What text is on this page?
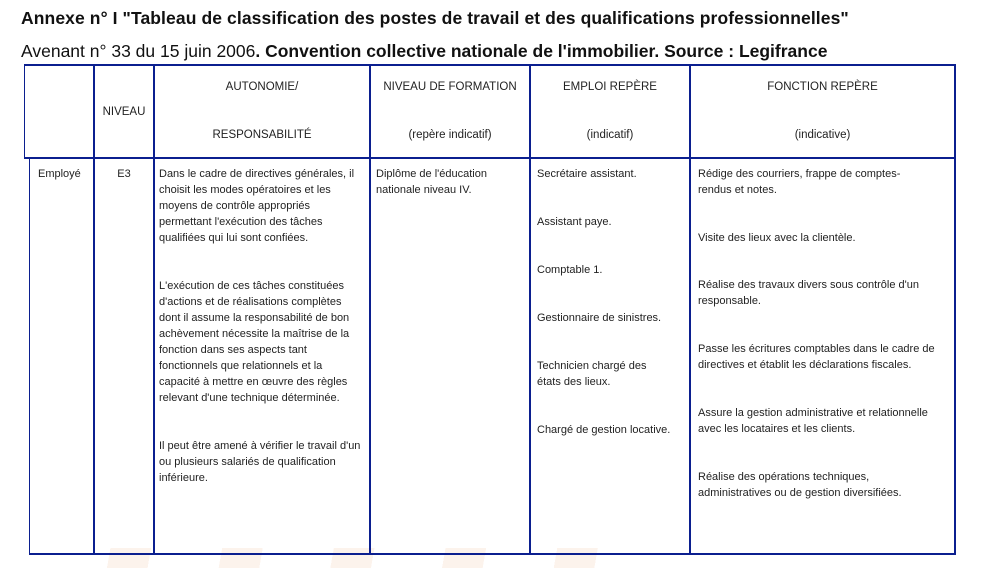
Annexe n° I "Tableau de classification des postes de travail et des qualifications professionnelles"
Avenant n° 33 du 15 juin 2006. Convention collective nationale de l'immobilier. Source : Legifrance
NIVEAU
AUTONOMIE/
RESPONSABILITÉ
NIVEAU DE FORMATION
(repère indicatif)
EMPLOI REPÈRE
(indicatif)
FONCTION REPÈRE
(indicative)
Employé	E3	Dans le cadre de directives générales, il choisit les modes opératoires et les moyens de contrôle appropriés permettant l'exécution des tâches qualifiées qui lui sont confiées.

L'exécution de ces tâches constituées d'actions et de réalisations complètes dont il assume la responsabilité de bon achèvement nécessite la maîtrise de la fonction dans ses aspects tant fonctionnels que relationnels et la capacité à mettre en œuvre des règles relevant d'une technique déterminée.

Il peut être amené à vérifier le travail d'un ou plusieurs salariés de qualification inférieure.

Diplôme de l'éducation nationale niveau IV.

Secrétaire assistant.

Assistant paye.

Comptable 1.

Gestionnaire de sinistres.

Technicien chargé des états des lieux.

Chargé de gestion locative.

Rédige des courriers, frappe de comptes-rendus et notes.

Visite des lieux avec la clientèle.

Réalise des travaux divers sous contrôle d'un responsable.

Passe les écritures comptables dans le cadre de directives et établit les déclarations fiscales.

Assure la gestion administrative et relationnelle avec les locataires et les clients.

Réalise des opérations techniques, administratives ou de gestion diversifiées.
